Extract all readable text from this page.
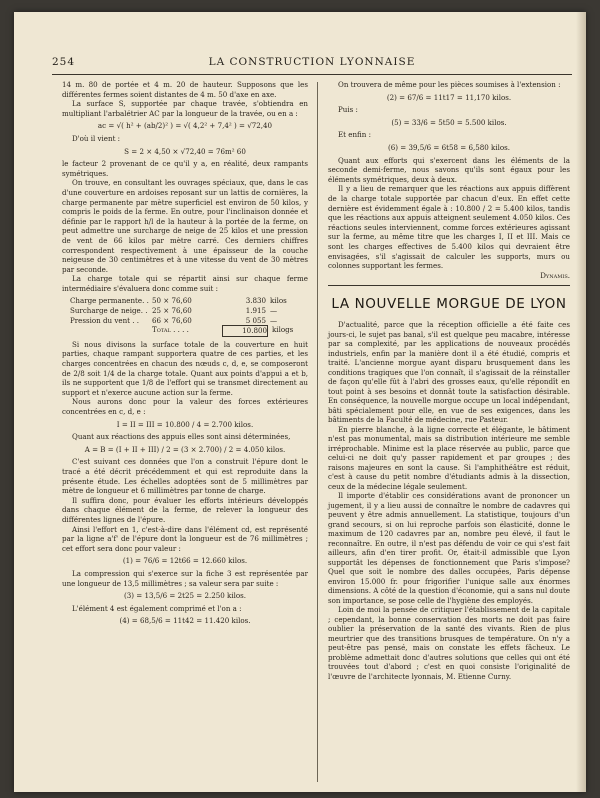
254	LA CONSTRUCTION LYONNAISE

14 m. 80 de portée et 4 m. 20 de hauteur. Supposons que les différentes fermes soient distantes de 4 m. 50 d'axe en axe.

La surface S, supportée par chaque travée, s'obtiendra en multipliant l'arbalétrier AC par la longueur de la travée, ou en a :

ac = √( h² + (ab/2)² ) = √( 4,2² + 7,4² ) = √72,40

D'où il vient :

S = 2 × 4,50 × √72,40 = 76m² 60

le facteur 2 provenant de ce qu'il y a, en réalité, deux rampants symétriques.

On trouve, en consultant les ouvrages spéciaux, que, dans le cas d'une couverture en ardoises reposant sur un lattis de cornières, la charge permanente par mètre superficiel est environ de 50 kilos, y compris le poids de la ferme. En outre, pour l'inclinaison donnée et définie par le rapport h/l de la hauteur à la portée de la ferme, on peut admettre une surcharge de neige de 25 kilos et une pression de vent de 66 kilos par mètre carré. Ces derniers chiffres correspondent respectivement à une épaisseur de la couche neigeuse de 30 centimètres et à une vitesse du vent de 30 mètres par seconde.

La charge totale qui se répartit ainsi sur chaque ferme intermédiaire s'évaluera donc comme suit :

Charge permanente. . 50 × 76,60	3.830 kilos
Surcharge de neige. . 25 × 76,60	1.915 —
Pression du vent . .	66 × 76,60	5 055 —
Total . . . .	10.800 kilogs

Si nous divisons la surface totale de la couverture en huit parties, chaque rampant supportera quatre de ces parties, et les charges concentrées en chacun des nœuds c, d, e, se composeront de 2/8 soit 1/4 de la charge totale. Quant aux points d'appui a et b, ils ne supportent que 1/8 de l'effort qui se transmet directement au support et n'exerce aucune action sur la ferme.

Nous aurons donc pour la valeur des forces extérieures concentrées en c, d, e :

I = II = III = 10.800 / 4 = 2.700 kilos.

Quant aux réactions des appuis elles sont ainsi déterminées,

A = B = (I + II + III) / 2 = (3 × 2.700) / 2 = 4.050 kilos.

C'est suivant ces données que l'on a construit l'épure dont le tracé a été décrit précédemment et qui est reproduite dans la présente étude. Les échelles adoptées sont de 5 millimètres par mètre de longueur et 6 millimètres par tonne de charge.

Il suffira donc, pour évaluer les efforts intérieurs développés dans chaque élément de la ferme, de relever la longueur des différentes lignes de l'épure.

Ainsi l'effort en 1, c'est-à-dire dans l'élément cd, est représenté par la ligne a'f' de l'épure dont la longueur est de 76 millimètres ; cet effort sera donc pour valeur :

(1) = 76/6 = 12t66 = 12.660 kilos.

La compression qui s'exerce sur la fiche 3 est représentée par une longueur de 13,5 millimètres ; sa valeur sera par suite :

(3) = 13,5/6 = 2t25 = 2.250 kilos.

L'élément 4 est également comprimé et l'on a :

(4) = 68,5/6 = 11t42 = 11.420 kilos.

On trouvera de même pour les pièces soumises à l'extension :

(2) = 67/6 = 11t17 = 11,170 kilos.

Puis :

(5) = 33/6 = 5t50 = 5.500 kilos.

Et enfin :

(6) = 39,5/6 = 6t58 = 6,580 kilos.

Quant aux efforts qui s'exercent dans les éléments de la seconde demi-ferme, nous savons qu'ils sont égaux pour les éléments symétriques, deux à deux.

Il y a lieu de remarquer que les réactions aux appuis diffèrent de la charge totale supportée par chacun d'eux. En effet cette dernière est évidemment égale à : 10.800 / 2 = 5.400 kilos, tandis que les réactions aux appuis atteignent seulement 4.050 kilos. Ces réactions seules interviennent, comme forces extérieures agissant sur la ferme, au même titre que les charges I, II et III. Mais ce sont les charges effectives de 5.400 kilos qui devraient être envisagées, s'il s'agissait de calculer les supports, murs ou colonnes supportant les fermes.

Dynamis.
LA NOUVELLE MORGUE DE LYON

D'actualité, parce que la réception officielle a été faite ces jours-ci, le sujet pas banal, s'il est quelque peu macabre, intéresse par sa complexité, par les applications de nouveaux procédés industriels, enfin par la manière dont il a été étudié, compris et traité. L'ancienne morgue ayant disparu brusquement dans les conditions tragiques que l'on connaît, il s'agissait de la réinstaller de façon qu'elle fût à l'abri des grosses eaux, qu'elle répondît en tout point à ses besoins et donnât toute la satisfaction désirable. En conséquence, la nouvelle morgue occupe un local indépendant, bâti spécialement pour elle, en vue de ses exigences, dans les bâtiments de la Faculté de médecine, rue Pasteur.

En pierre blanche, à la ligne correcte et élégante, le bâtiment n'est pas monumental, mais sa distribution intérieure me semble irréprochable. Minime est la place réservée au public, parce que celui-ci ne doit qu'y passer rapidement et par groupes ; des raisons majeures en sont la cause. Si l'amphithéâtre est réduit, c'est à cause du petit nombre d'étudiants admis à la dissection, ceux de la médecine légale seulement.

Il importe d'établir ces considérations avant de prononcer un jugement, il y a lieu aussi de connaître le nombre de cadavres qui peuvent y être admis annuellement. La statistique, toujours d'un grand secours, si on lui reproche parfois son élasticité, donne le maximum de 120 cadavres par an, nombre peu élevé, il faut le reconnaître. En outre, il n'est pas défendu de voir ce qui s'est fait ailleurs, afin d'en tirer profit. Or, était-il admissible que Lyon supportât les dépenses de fonctionnement que Paris s'impose? Quel que soit le nombre des dalles occupées, Paris dépense environ 15.000 fr. pour frigorifier l'unique salle aux énormes dimensions. A côté de la question d'économie, qui a sans nul doute son importance, se pose celle de l'hygiène des employés.

Loin de moi la pensée de critiquer l'établissement de la capitale ; cependant, la bonne conservation des morts ne doit pas faire oublier la préservation de la santé des vivants. Rien de plus meurtrier que des transitions brusques de température. On n'y a peut-être pas pensé, mais on constate les effets fâcheux. Le problème admettait donc d'autres solutions que celles qui ont été trouvées tout d'abord ; c'est en quoi consiste l'originalité de l'œuvre de l'architecte lyonnais, M. Etienne Curny.
